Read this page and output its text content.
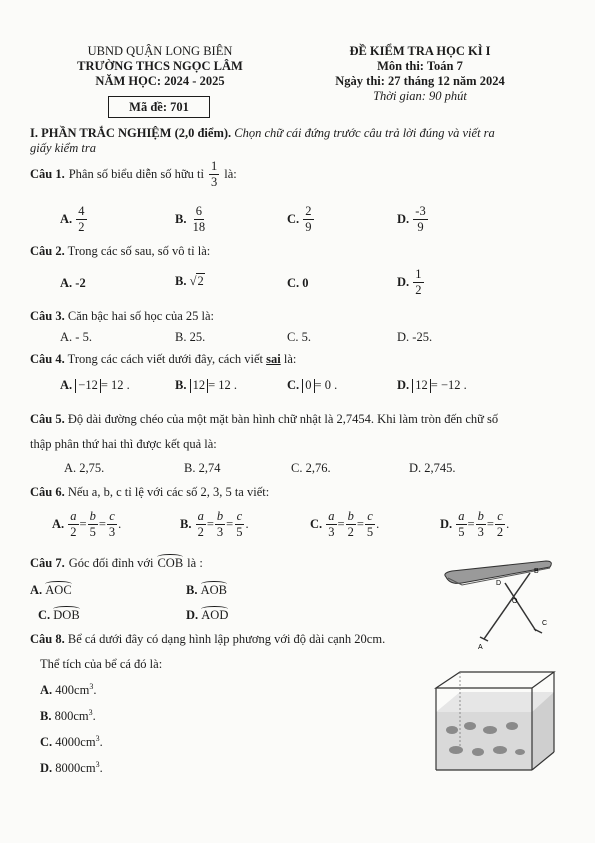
UBND QUẬN LONG BIÊN
TRƯỜNG THCS NGỌC LÂM
NĂM HỌC: 2024 - 2025
Mã đề: 701
ĐỀ KIỂM TRA HỌC KÌ I
Môn thi: Toán 7
Ngày thi: 27 tháng 12 năm 2024
Thời gian: 90 phút
I. PHẦN TRẮC NGHIỆM (2,0 điểm). Chọn chữ cái đứng trước câu trả lời đúng và viết ra
giấy kiểm tra
Câu 1. Phân số biểu diễn số hữu tỉ $\frac{1}{3}$ là:
A.
$\frac{4}{2}$	B.
$\frac{6}{18}$	C.
$\frac{2}{9}$	D.
$\frac{-3}{9}$
Câu 2. Trong các số sau, số vô tỉ là:
A. -2	B. √2	C. 0	D.
$\frac{1}{2}$
Câu 3. Căn bậc hai số học của 25 là:
A. - 5.	B. 25.	C. 5.	D. -25.
Câu 4. Trong các cách viết dưới đây, cách viết sai là:
A. −12 = 12 .	B. 12 = 12 .	C. 0 = 0 .	D. 12 = −12 .
Câu 5. Độ dài đường chéo của một mặt bàn hình chữ nhật là 2,7454. Khi làm tròn đến chữ số
thập phân thứ hai thì được kết quả là:
A. 2,75.	B. 2,74	C. 2,76.	D. 2,745.
Câu 6. Nếu a, b, c tỉ lệ với các số 2, 3, 5 ta viết:
A.
$\frac{a}{2} = \frac{b}{5} = \frac{c}{3}$ .	B.
$\frac{a}{2} = \frac{b}{3} = \frac{c}{5}$ .	C.
$\frac{a}{3} = \frac{b}{2} = \frac{c}{5}$ .	D.
$\frac{a}{5} = \frac{b}{3} = \frac{c}{2}$ .
Câu 7. Góc đối đỉnh với COB là :
A. AOC	B. AOB
C. DOB	D. AOD
B
D
O
C
A
Câu 8. Bể cá dưới đây có dạng hình lập phương với độ dài cạnh 20cm.
Thể tích của bể cá đó là:
A. $400cm^3$.
B. $800cm^3$.
C. $4000cm^3$.
D. $8000cm^3$.
